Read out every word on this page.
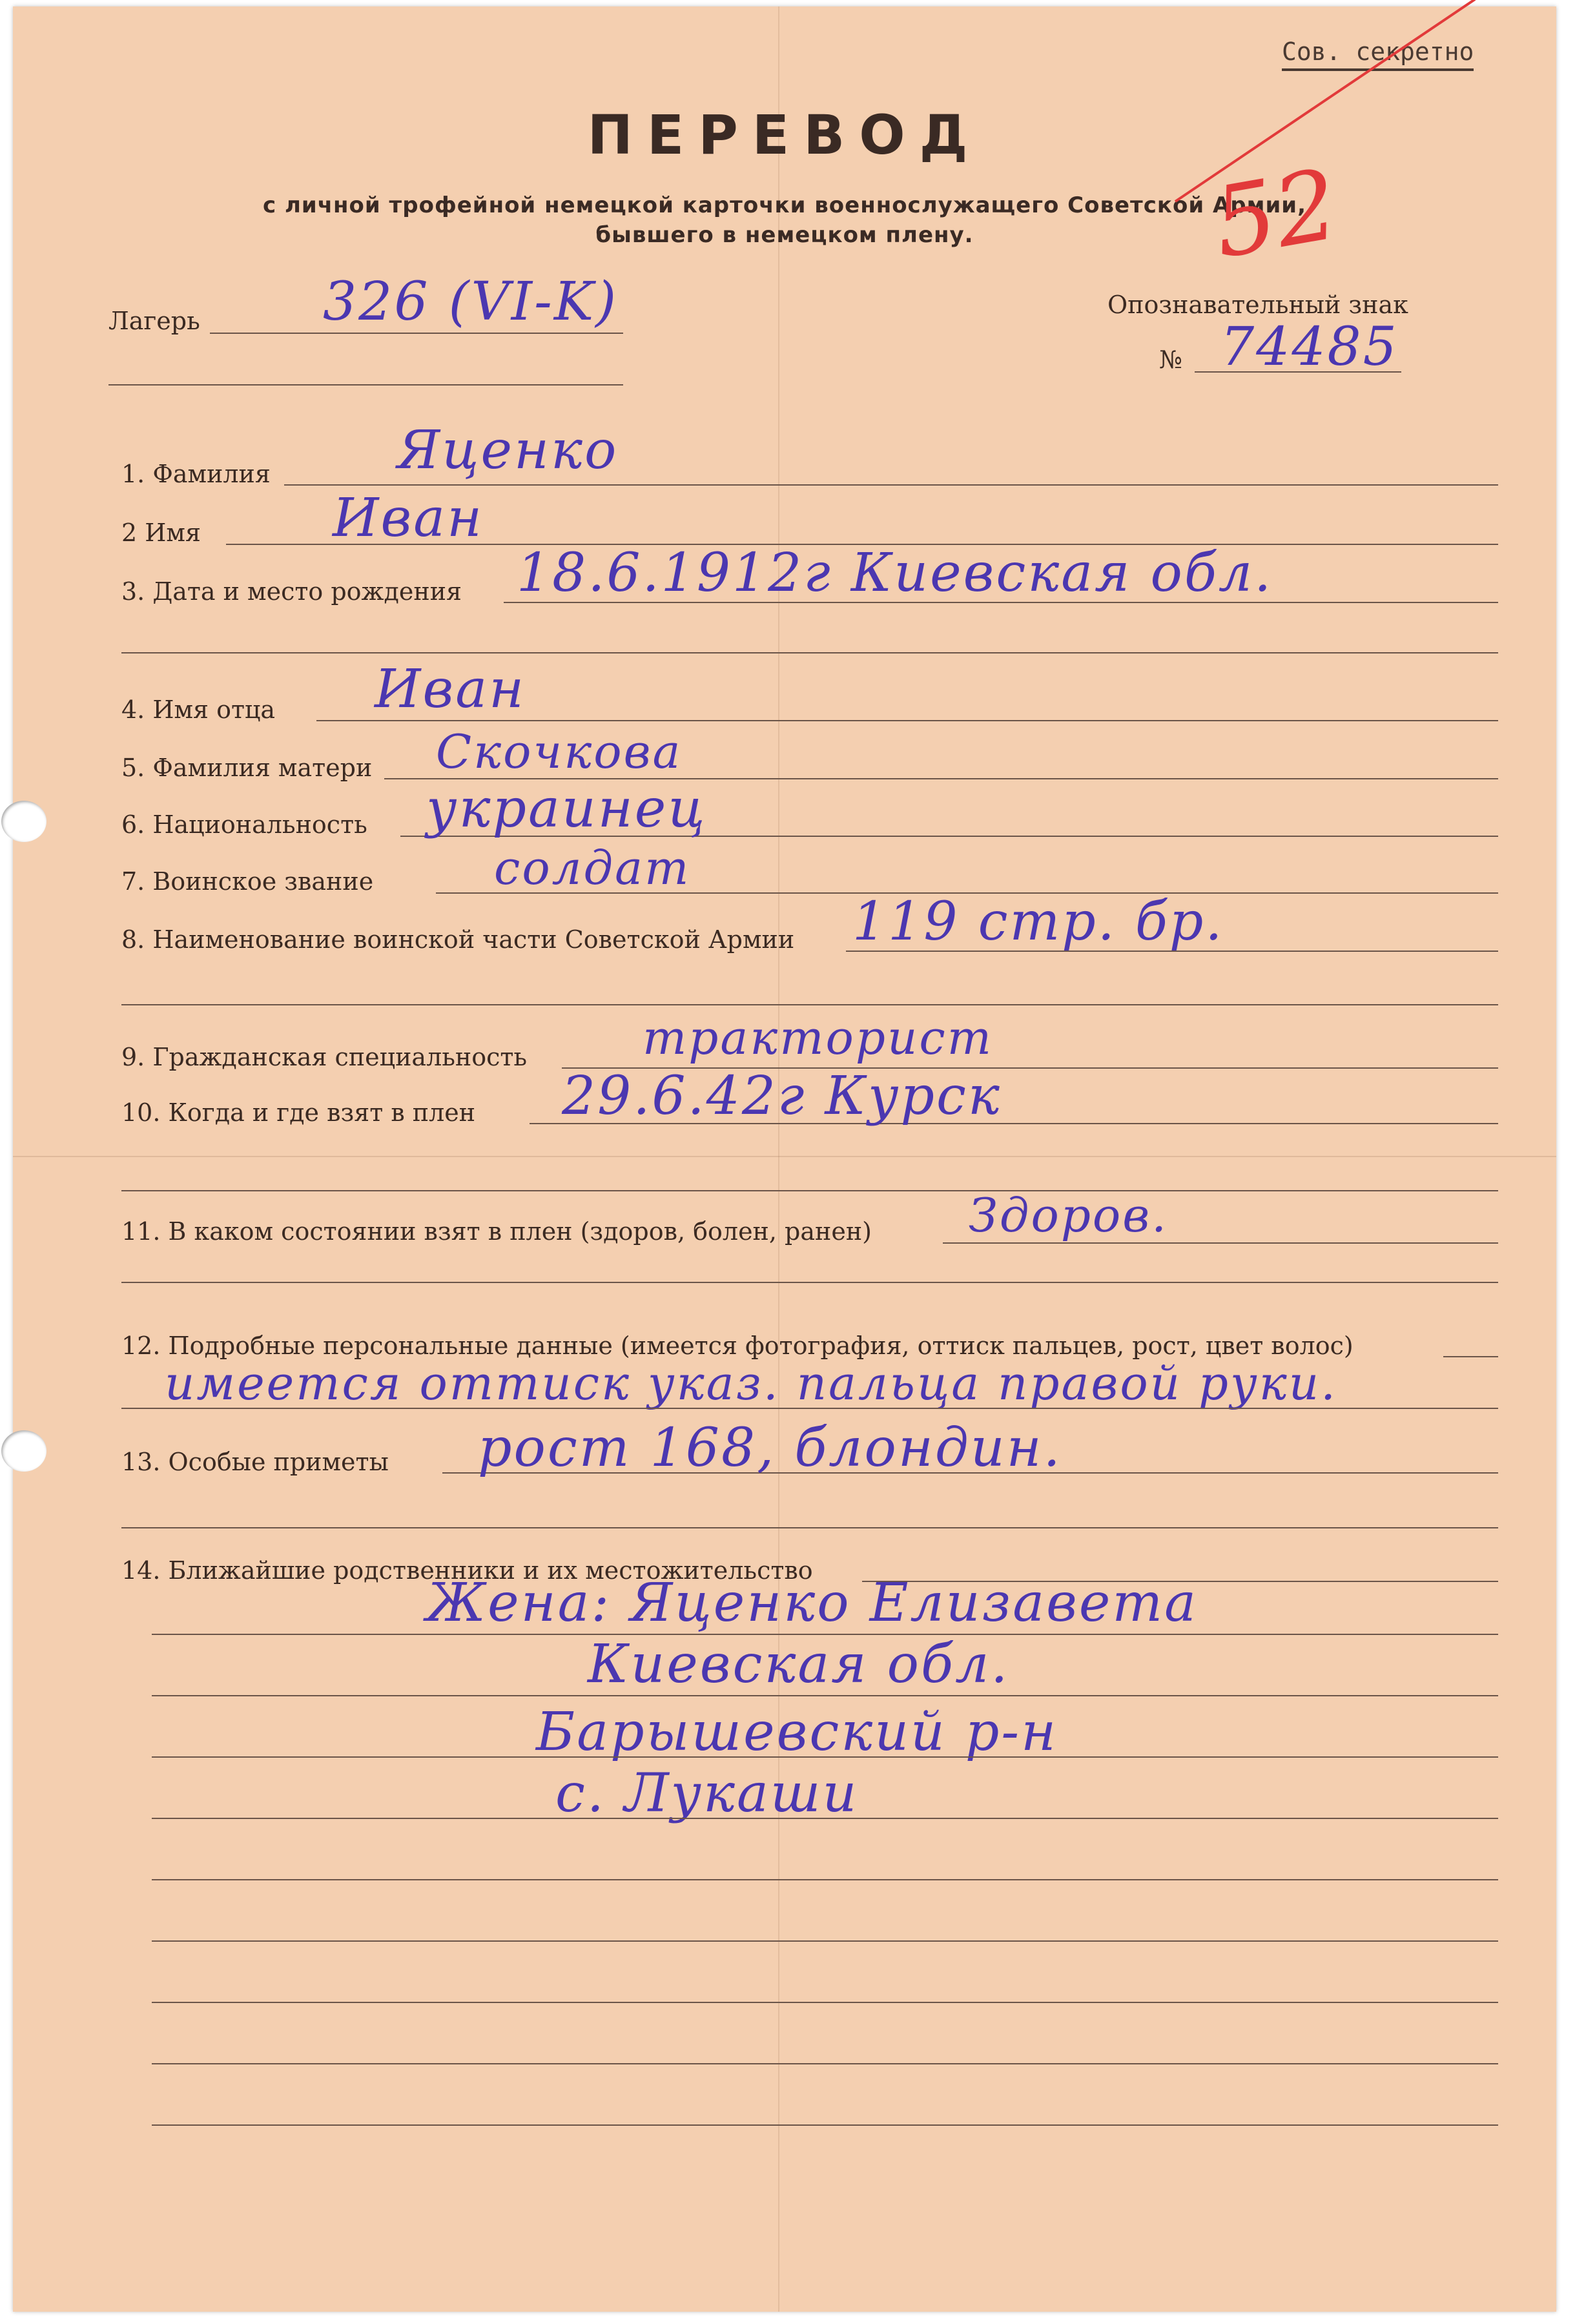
Сов. секретно
ПЕРЕВОД
с личной трофейной немецкой карточки военнослужащего Советской Армии,
бывшего в немецком плену.	52
Лагерь 326 (VI-K)	Опознавательный знак
№ 74485
1. Фамилия Яценко
2 Имя Иван
3. Дата и место рождения 18.6.1912г Киевская обл.
4. Имя отца Иван
5. Фамилия матери Скочкова
6. Национальность украинец
7. Воинское звание	солдат
8. Наименование воинской части Советской Армии 119 стр. бр.
9. Гражданская специальность тракторист
10. Когда и где взят в плен 29.6.42г Курск
11. В каком состоянии взят в плен (здоров, болен, ранен) Здоров.
12. Подробные персональные данные (имеется фотография, оттиск пальцев, рост, цвет волос)
имеется оттиск указ. пальца правой руки.
13. Особые приметы рост 168, блондин.
14. Ближайшие родственники и их местожительство
Жена: Яценко Елизавета
Киевская обл.
Барышевский р-н
с. Лукаши
